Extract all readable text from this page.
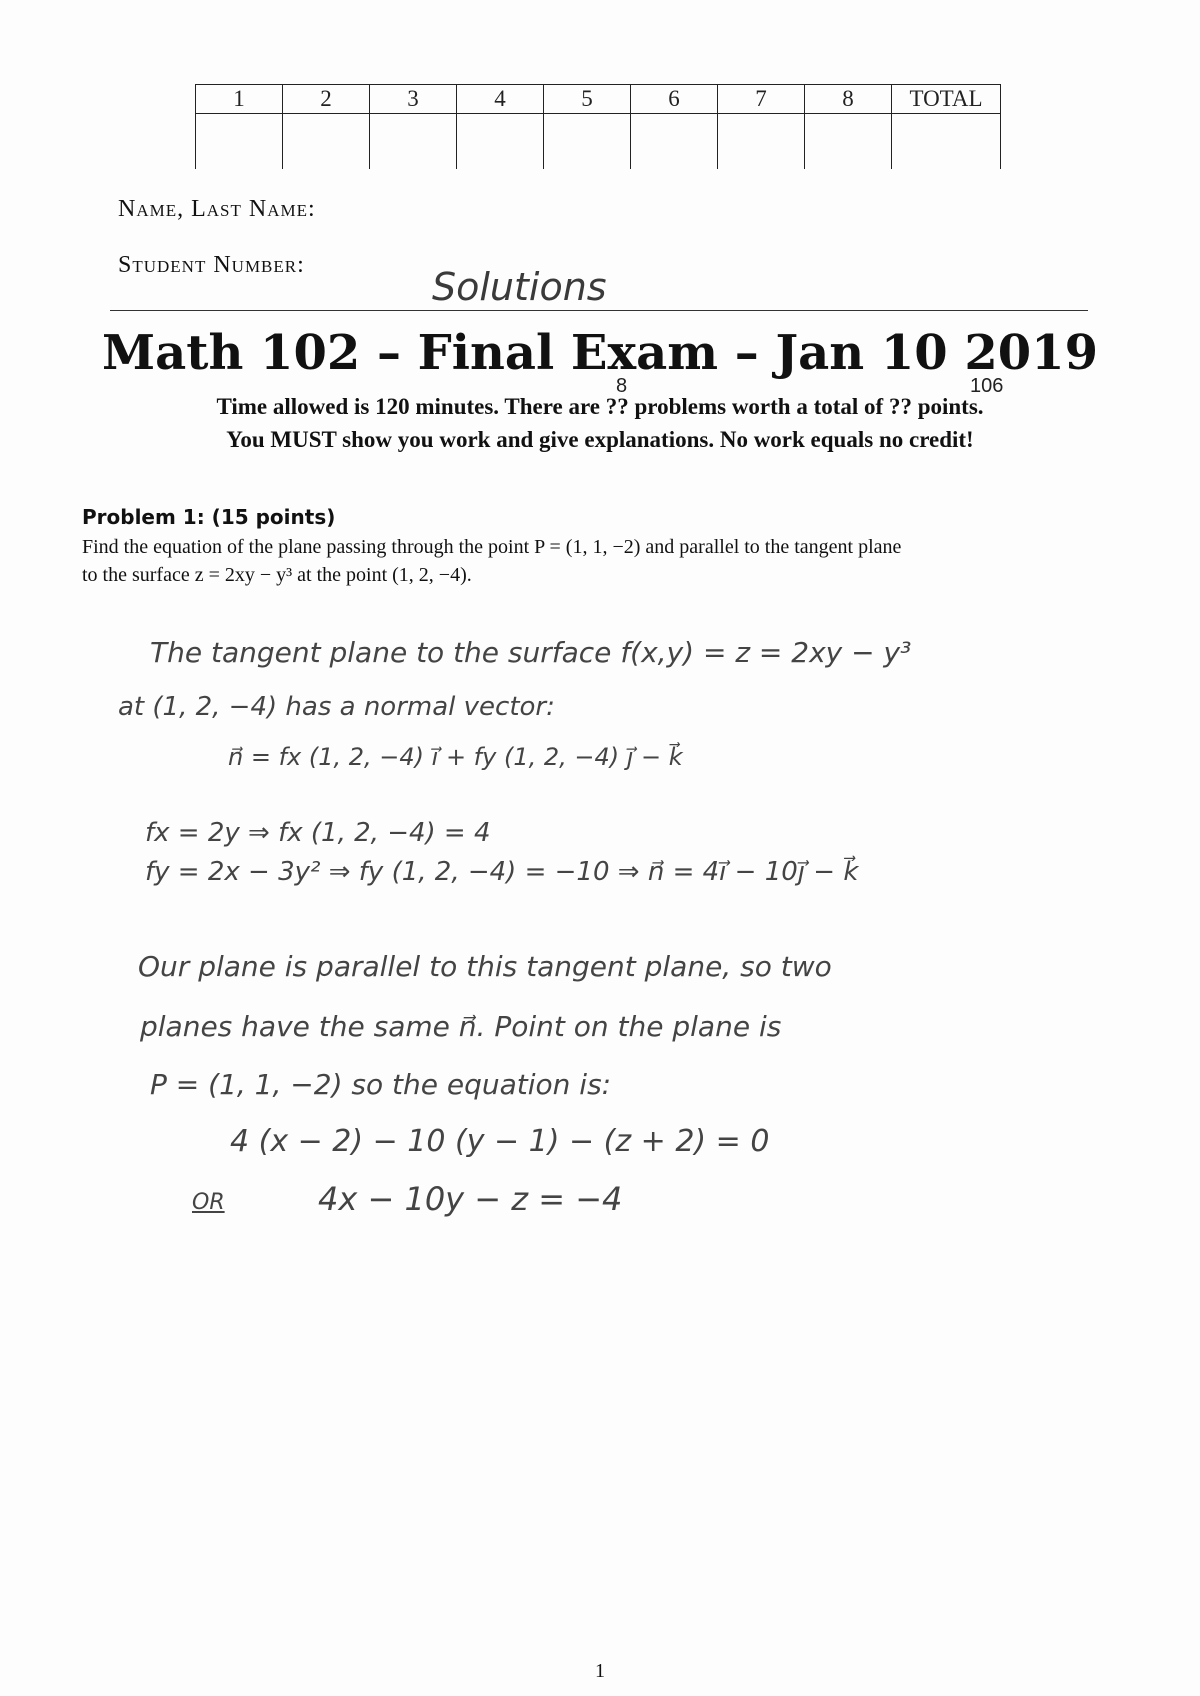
1	2	3	4	5	6	7	8	TOTAL

Name, Last Name:
Student Number:	Solutions
Math 102 – Final Exam – Jan 10 2019
8	106
Time allowed is 120 minutes. There are ?? problems worth a total of ?? points.
You MUST show you work and give explanations. No work equals no credit!
Problem 1: (15 points)
Find the equation of the plane passing through the point P = (1, 1, −2) and parallel to the tangent plane
to the surface z = 2xy − y³ at the point (1, 2, −4).
The tangent plane to the surface f(x,y) = z = 2xy − y³
at (1, 2, −4) has a normal vector:
n⃗ = fx (1, 2, −4) i⃗ + fy (1, 2, −4) j⃗ − k⃗
fx = 2y ⇒ fx (1, 2, −4) = 4
fy = 2x − 3y² ⇒ fy (1, 2, −4) = −10 ⇒ n⃗ = 4i⃗ − 10j⃗ − k⃗
Our plane is parallel to this tangent plane, so two
planes have the same n⃗. Point on the plane is
P = (1, 1, −2) so the equation is:
4 (x − 2) − 10 (y − 1) − (z + 2) = 0
OR	4x − 10y − z = −4
1
